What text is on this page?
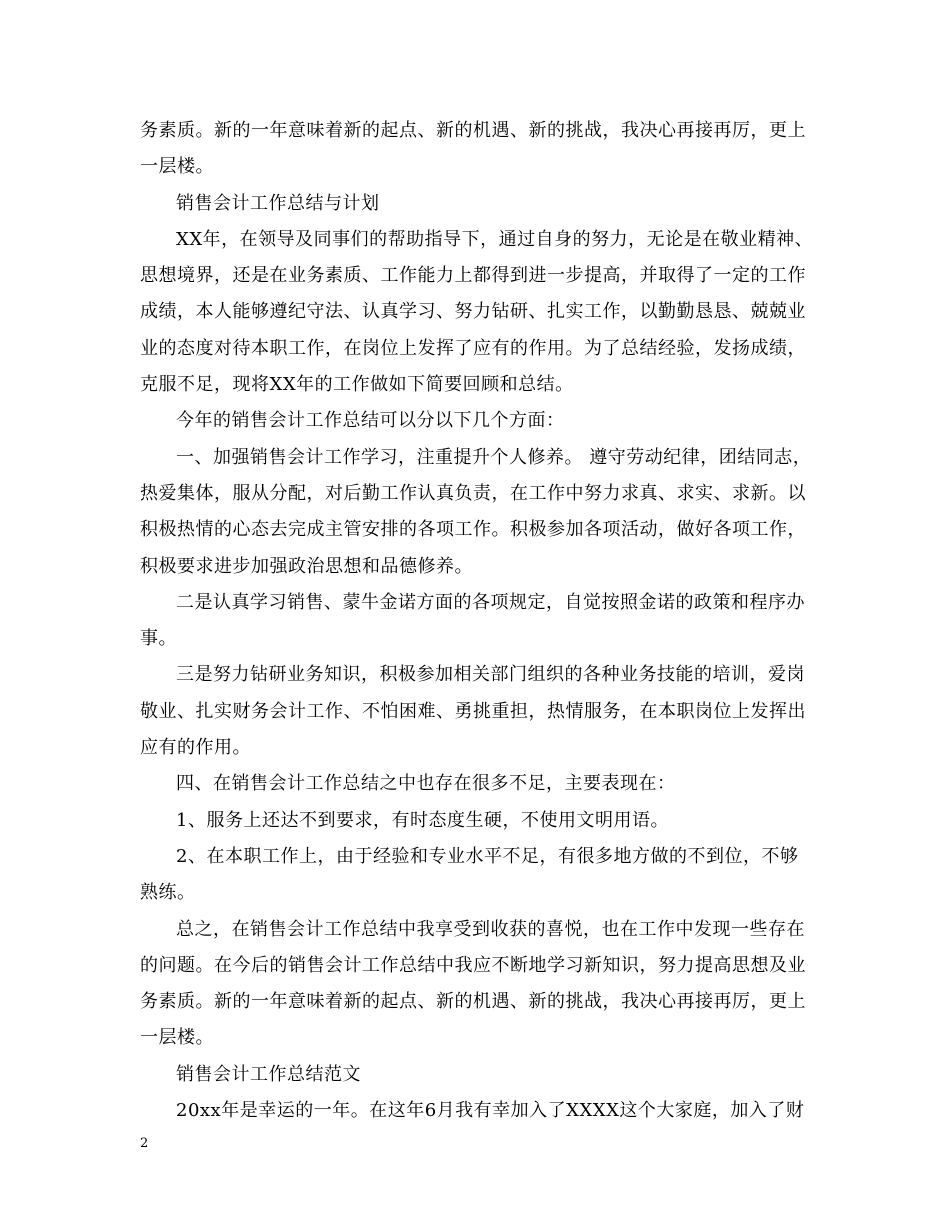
务素质。新的一年意味着新的起点、新的机遇、新的挑战，我决心再接再厉，更上
一层楼。
销售会计工作总结与计划
XX年，在领导及同事们的帮助指导下，通过自身的努力，无论是在敬业精神、
思想境界，还是在业务素质、工作能力上都得到进一步提高，并取得了一定的工作
成绩，本人能够遵纪守法、认真学习、努力钻研、扎实工作，以勤勤恳恳、兢兢业
业的态度对待本职工作，在岗位上发挥了应有的作用。为了总结经验，发扬成绩，
克服不足，现将XX年的工作做如下简要回顾和总结。
今年的销售会计工作总结可以分以下几个方面：
一、加强销售会计工作学习，注重提升个人修养。 遵守劳动纪律，团结同志，
热爱集体，服从分配，对后勤工作认真负责，在工作中努力求真、求实、求新。以
积极热情的心态去完成主管安排的各项工作。积极参加各项活动，做好各项工作，
积极要求进步加强政治思想和品德修养。
二是认真学习销售、蒙牛金诺方面的各项规定，自觉按照金诺的政策和程序办
事。
三是努力钻研业务知识，积极参加相关部门组织的各种业务技能的培训，爱岗
敬业、扎实财务会计工作、不怕困难、勇挑重担，热情服务，在本职岗位上发挥出
应有的作用。
四、在销售会计工作总结之中也存在很多不足，主要表现在：
1、服务上还达不到要求，有时态度生硬，不使用文明用语。
2、在本职工作上，由于经验和专业水平不足，有很多地方做的不到位，不够
熟练。
总之，在销售会计工作总结中我享受到收获的喜悦，也在工作中发现一些存在
的问题。在今后的销售会计工作总结中我应不断地学习新知识，努力提高思想及业
务素质。新的一年意味着新的起点、新的机遇、新的挑战，我决心再接再厉，更上
一层楼。
销售会计工作总结范文
20xx年是幸运的一年。在这年6月我有幸加入了XXXX这个大家庭，加入了财
2
